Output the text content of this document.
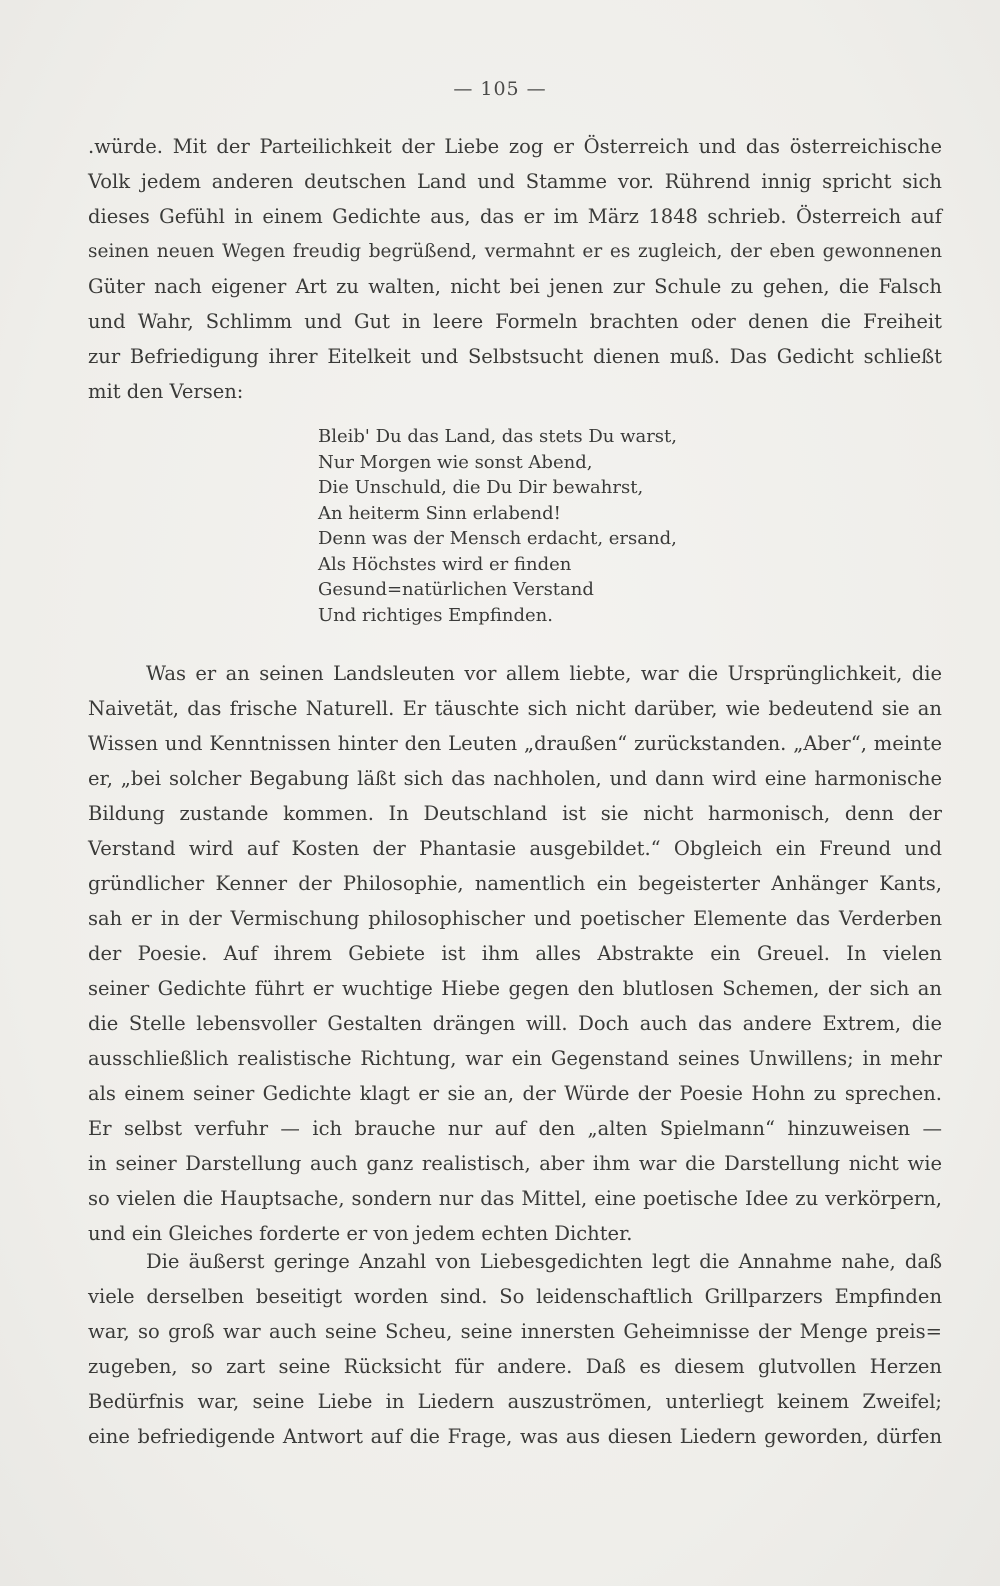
— 105 —
.würde. Mit der Parteilichkeit der Liebe zog er Österreich und das österreichische
Volk jedem anderen deutschen Land und Stamme vor. Rührend innig spricht sich
dieses Gefühl in einem Gedichte aus, das er im März 1848 schrieb. Österreich auf
seinen neuen Wegen freudig begrüßend, vermahnt er es zugleich, der eben gewonnenen
Güter nach eigener Art zu walten, nicht bei jenen zur Schule zu gehen, die Falsch
und Wahr, Schlimm und Gut in leere Formeln brachten oder denen die Freiheit
zur Befriedigung ihrer Eitelkeit und Selbstsucht dienen muß. Das Gedicht schließt
mit den Versen:
Bleib' Du das Land, das stets Du warst,
Nur Morgen wie sonst Abend,
Die Unschuld, die Du Dir bewahrst,
An heiterm Sinn erlabend!
Denn was der Mensch erdacht, ersand,
Als Höchstes wird er finden
Gesund=natürlichen Verstand
Und richtiges Empfinden.
Was er an seinen Landsleuten vor allem liebte, war die Ursprünglichkeit, die
Naivetät, das frische Naturell. Er täuschte sich nicht darüber, wie bedeutend sie an
Wissen und Kenntnissen hinter den Leuten „draußen“ zurückstanden. „Aber“, meinte
er, „bei solcher Begabung läßt sich das nachholen, und dann wird eine harmonische
Bildung zustande kommen. In Deutschland ist sie nicht harmonisch, denn der
Verstand wird auf Kosten der Phantasie ausgebildet.“ Obgleich ein Freund und
gründlicher Kenner der Philosophie, namentlich ein begeisterter Anhänger Kants,
sah er in der Vermischung philosophischer und poetischer Elemente das Verderben
der Poesie. Auf ihrem Gebiete ist ihm alles Abstrakte ein Greuel. In vielen
seiner Gedichte führt er wuchtige Hiebe gegen den blutlosen Schemen, der sich an
die Stelle lebensvoller Gestalten drängen will. Doch auch das andere Extrem, die
ausschließlich realistische Richtung, war ein Gegenstand seines Unwillens; in mehr
als einem seiner Gedichte klagt er sie an, der Würde der Poesie Hohn zu sprechen.
Er selbst verfuhr — ich brauche nur auf den „alten Spielmann“ hinzuweisen —
in seiner Darstellung auch ganz realistisch, aber ihm war die Darstellung nicht wie
so vielen die Hauptsache, sondern nur das Mittel, eine poetische Idee zu verkörpern,
und ein Gleiches forderte er von jedem echten Dichter.
Die äußerst geringe Anzahl von Liebesgedichten legt die Annahme nahe, daß
viele derselben beseitigt worden sind. So leidenschaftlich Grillparzers Empfinden
war, so groß war auch seine Scheu, seine innersten Geheimnisse der Menge preis=
zugeben, so zart seine Rücksicht für andere. Daß es diesem glutvollen Herzen
Bedürfnis war, seine Liebe in Liedern auszuströmen, unterliegt keinem Zweifel;
eine befriedigende Antwort auf die Frage, was aus diesen Liedern geworden, dürfen
